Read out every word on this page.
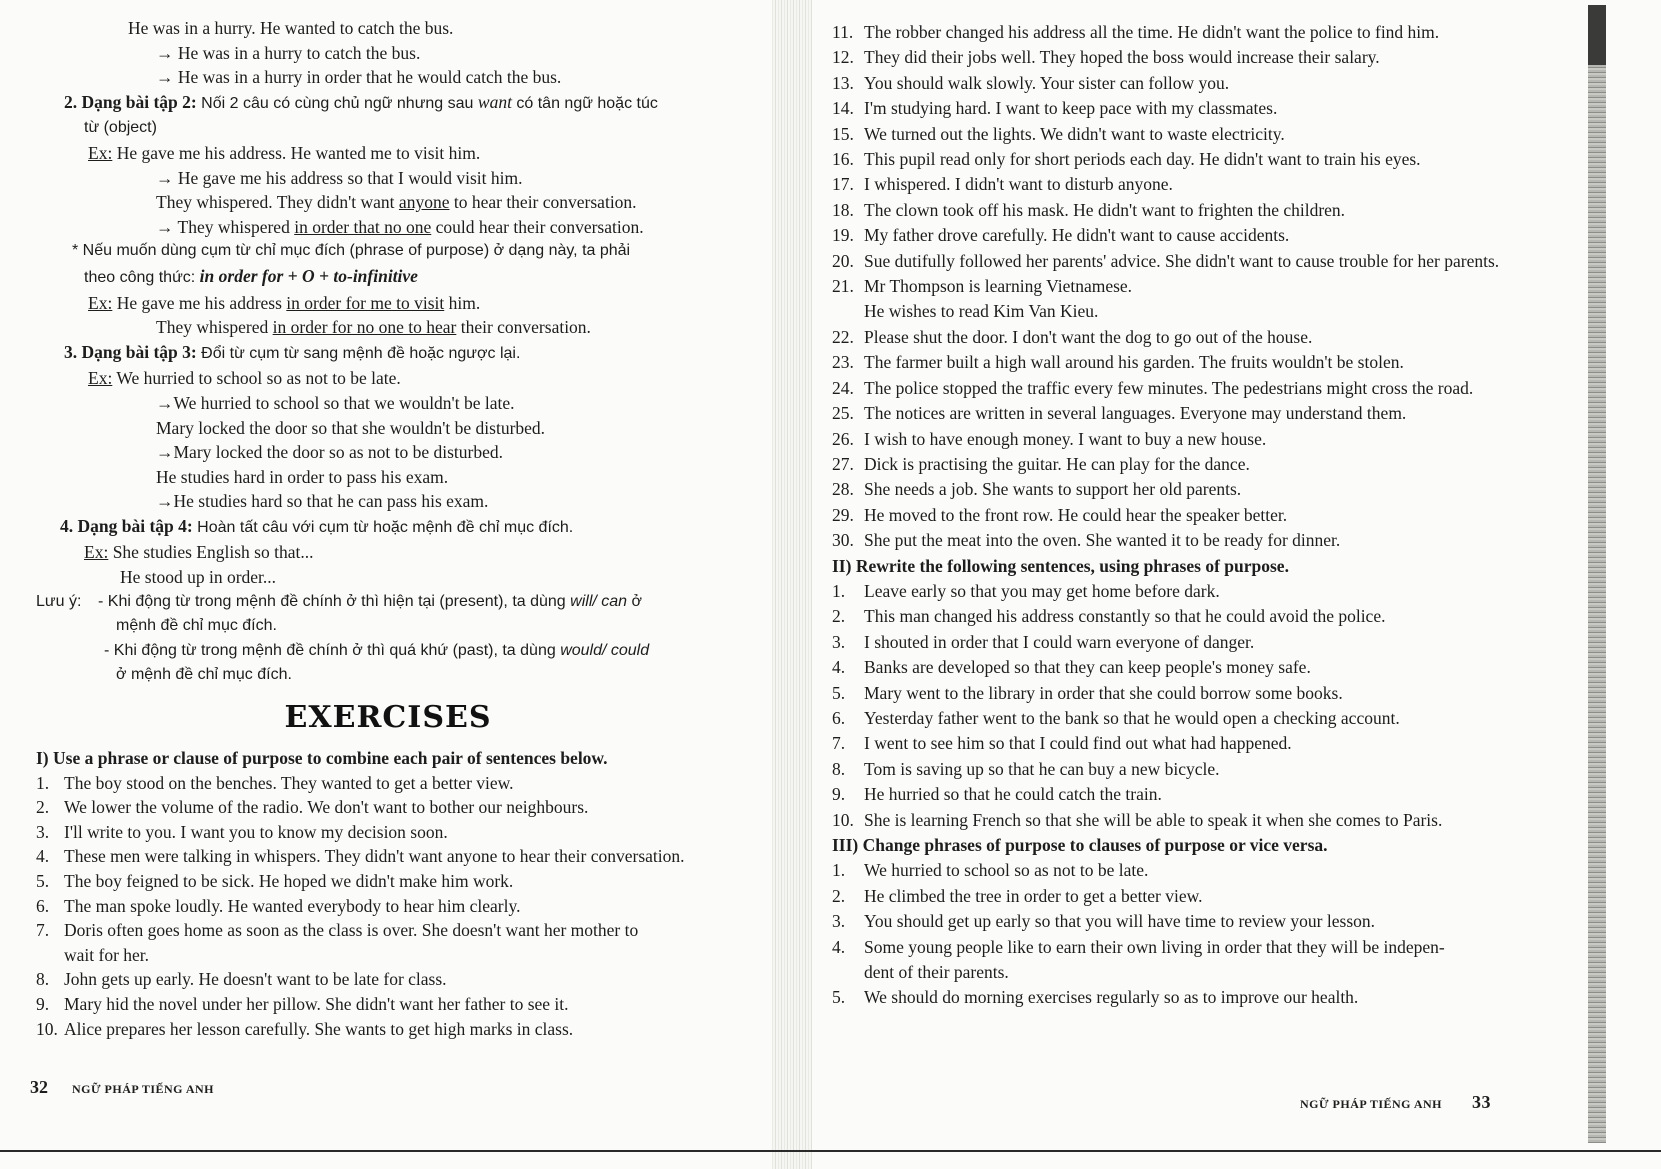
He was in a hurry. He wanted to catch the bus.
→ He was in a hurry to catch the bus.
→ He was in a hurry in order that he would catch the bus.
2. Dạng bài tập 2: Nối 2 câu có cùng chủ ngữ nhưng sau want có tân ngữ hoặc túc
từ (object)
Ex: He gave me his address. He wanted me to visit him.
→ He gave me his address so that I would visit him.
They whispered. They didn't want anyone to hear their conversation.
→ They whispered in order that no one could hear their conversation.
* Nếu muốn dùng cụm từ chỉ mục đích (phrase of purpose) ở dạng này, ta phải
theo công thức: in order for + O + to-infinitive
Ex: He gave me his address in order for me to visit him.
They whispered in order for no one to hear their conversation.
3. Dạng bài tập 3: Đổi từ cụm từ sang mệnh đề hoặc ngược lại.
Ex: We hurried to school so as not to be late.
→We hurried to school so that we wouldn't be late.
Mary locked the door so that she wouldn't be disturbed.
→Mary locked the door so as not to be disturbed.
He studies hard in order to pass his exam.
→He studies hard so that he can pass his exam.
4. Dạng bài tập 4: Hoàn tất câu với cụm từ hoặc mệnh đề chỉ mục đích.
Ex: She studies English so that...
He stood up in order...
Lưu ý: - Khi động từ trong mệnh đề chính ở thì hiện tại (present), ta dùng will/ can ở
mệnh đề chỉ mục đích.
- Khi động từ trong mệnh đề chính ở thì quá khứ (past), ta dùng would/ could
ở mệnh đề chỉ mục đích.
EXERCISES
I) Use a phrase or clause of purpose to combine each pair of sentences below.
1. The boy stood on the benches. They wanted to get a better view.
2. We lower the volume of the radio. We don't want to bother our neighbours.
3. I'll write to you. I want you to know my decision soon.
4. These men were talking in whispers. They didn't want anyone to hear their conversation.
5. The boy feigned to be sick. He hoped we didn't make him work.
6. The man spoke loudly. He wanted everybody to hear him clearly.
7. Doris often goes home as soon as the class is over. She doesn't want her mother to
wait for her.
8. John gets up early. He doesn't want to be late for class.
9. Mary hid the novel under her pillow. She didn't want her father to see it.
10. Alice prepares her lesson carefully. She wants to get high marks in class.
32 NGỮ PHÁP TIẾNG ANH
11. The robber changed his address all the time. He didn't want the police to find him.
12. They did their jobs well. They hoped the boss would increase their salary.
13. You should walk slowly. Your sister can follow you.
14. I'm studying hard. I want to keep pace with my classmates.
15. We turned out the lights. We didn't want to waste electricity.
16. This pupil read only for short periods each day. He didn't want to train his eyes.
17. I whispered. I didn't want to disturb anyone.
18. The clown took off his mask. He didn't want to frighten the children.
19. My father drove carefully. He didn't want to cause accidents.
20. Sue dutifully followed her parents' advice. She didn't want to cause trouble for her parents.
21. Mr Thompson is learning Vietnamese.
He wishes to read Kim Van Kieu.
22. Please shut the door. I don't want the dog to go out of the house.
23. The farmer built a high wall around his garden. The fruits wouldn't be stolen.
24. The police stopped the traffic every few minutes. The pedestrians might cross the road.
25. The notices are written in several languages. Everyone may understand them.
26. I wish to have enough money. I want to buy a new house.
27. Dick is practising the guitar. He can play for the dance.
28. She needs a job. She wants to support her old parents.
29. He moved to the front row. He could hear the speaker better.
30. She put the meat into the oven. She wanted it to be ready for dinner.
II) Rewrite the following sentences, using phrases of purpose.
1. Leave early so that you may get home before dark.
2. This man changed his address constantly so that he could avoid the police.
3. I shouted in order that I could warn everyone of danger.
4. Banks are developed so that they can keep people's money safe.
5. Mary went to the library in order that she could borrow some books.
6. Yesterday father went to the bank so that he would open a checking account.
7. I went to see him so that I could find out what had happened.
8. Tom is saving up so that he can buy a new bicycle.
9. He hurried so that he could catch the train.
10. She is learning French so that she will be able to speak it when she comes to Paris.
III) Change phrases of purpose to clauses of purpose or vice versa.
1. We hurried to school so as not to be late.
2. He climbed the tree in order to get a better view.
3. You should get up early so that you will have time to review your lesson.
4. Some young people like to earn their own living in order that they will be indepen-
dent of their parents.
5. We should do morning exercises regularly so as to improve our health.
NGỮ PHÁP TIẾNG ANH 33
